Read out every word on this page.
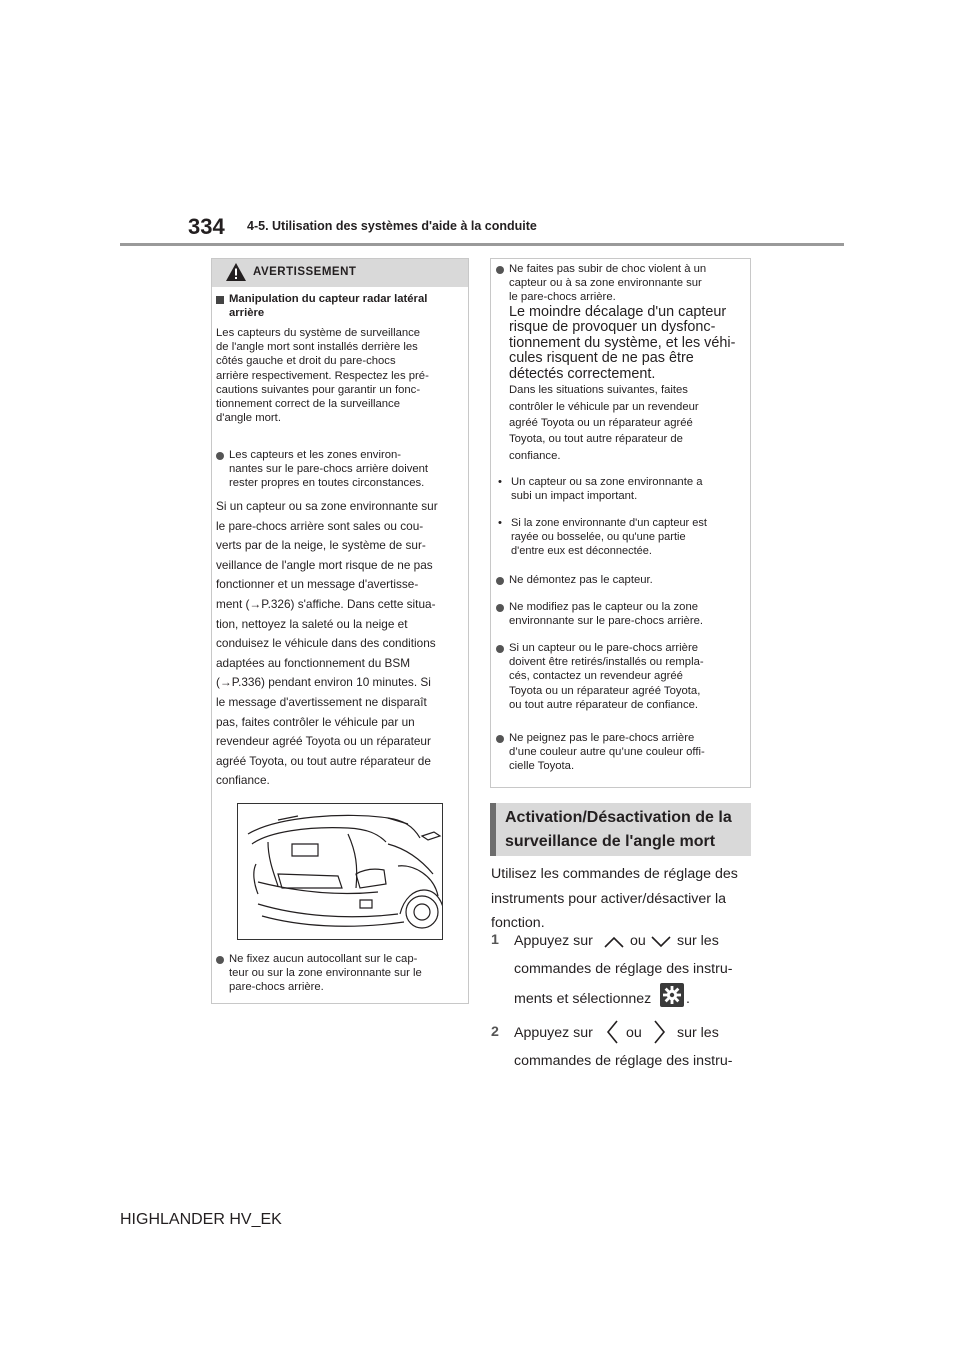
334 4-5. Utilisation des systèmes d'aide à la conduite
AVERTISSEMENT
Manipulation du capteur radar latéral
arrière
Les capteurs du système de surveillance
de l'angle mort sont installés derrière les
côtés gauche et droit du pare-chocs
arrière respectivement. Respectez les pré-
cautions suivantes pour garantir un fonc-
tionnement correct de la surveillance
d'angle mort.
Les capteurs et les zones environ-
nantes sur le pare-chocs arrière doivent
rester propres en toutes circonstances.
Si un capteur ou sa zone environnante sur
le pare-chocs arrière sont sales ou cou-
verts par de la neige, le système de sur-
veillance de l'angle mort risque de ne pas
fonctionner et un message d'avertisse-
ment (→P.326) s'affiche. Dans cette situa-
tion, nettoyez la saleté ou la neige et
conduisez le véhicule dans des conditions
adaptées au fonctionnement du BSM
(→P.336) pendant environ 10 minutes. Si
le message d'avertissement ne disparaît
pas, faites contrôler le véhicule par un
revendeur agréé Toyota ou un réparateur
agréé Toyota, ou tout autre réparateur de
confiance.
Ne fixez aucun autocollant sur le cap-
teur ou sur la zone environnante sur le
pare-chocs arrière.
Ne faites pas subir de choc violent à un
capteur ou à sa zone environnante sur
le pare-chocs arrière.
Le moindre décalage d'un capteur
risque de provoquer un dysfonc-
tionnement du système, et les véhi-
cules risquent de ne pas être
détectés correctement.
Dans les situations suivantes, faites
contrôler le véhicule par un revendeur
agréé Toyota ou un réparateur agréé
Toyota, ou tout autre réparateur de
confiance.
• Un capteur ou sa zone environnante a
subi un impact important.
• Si la zone environnante d'un capteur est
rayée ou bosselée, ou qu'une partie
d'entre eux est déconnectée.
Ne démontez pas le capteur.
Ne modifiez pas le capteur ou la zone
environnante sur le pare-chocs arrière.
Si un capteur ou le pare-chocs arrière
doivent être retirés/installés ou rempla-
cés, contactez un revendeur agréé
Toyota ou un réparateur agréé Toyota,
ou tout autre réparateur de confiance.
Ne peignez pas le pare-chocs arrière
d’une couleur autre qu’une couleur offi-
cielle Toyota.
Activation/Désactivation de la
surveillance de l'angle mort
Utilisez les commandes de réglage des
instruments pour activer/désactiver la
fonction.
1 Appuyez sur	ou sur les
commandes de réglage des instru-
ments et sélectionnez .
2 Appuyez sur ou sur les
commandes de réglage des instru-
HIGHLANDER HV_EK
